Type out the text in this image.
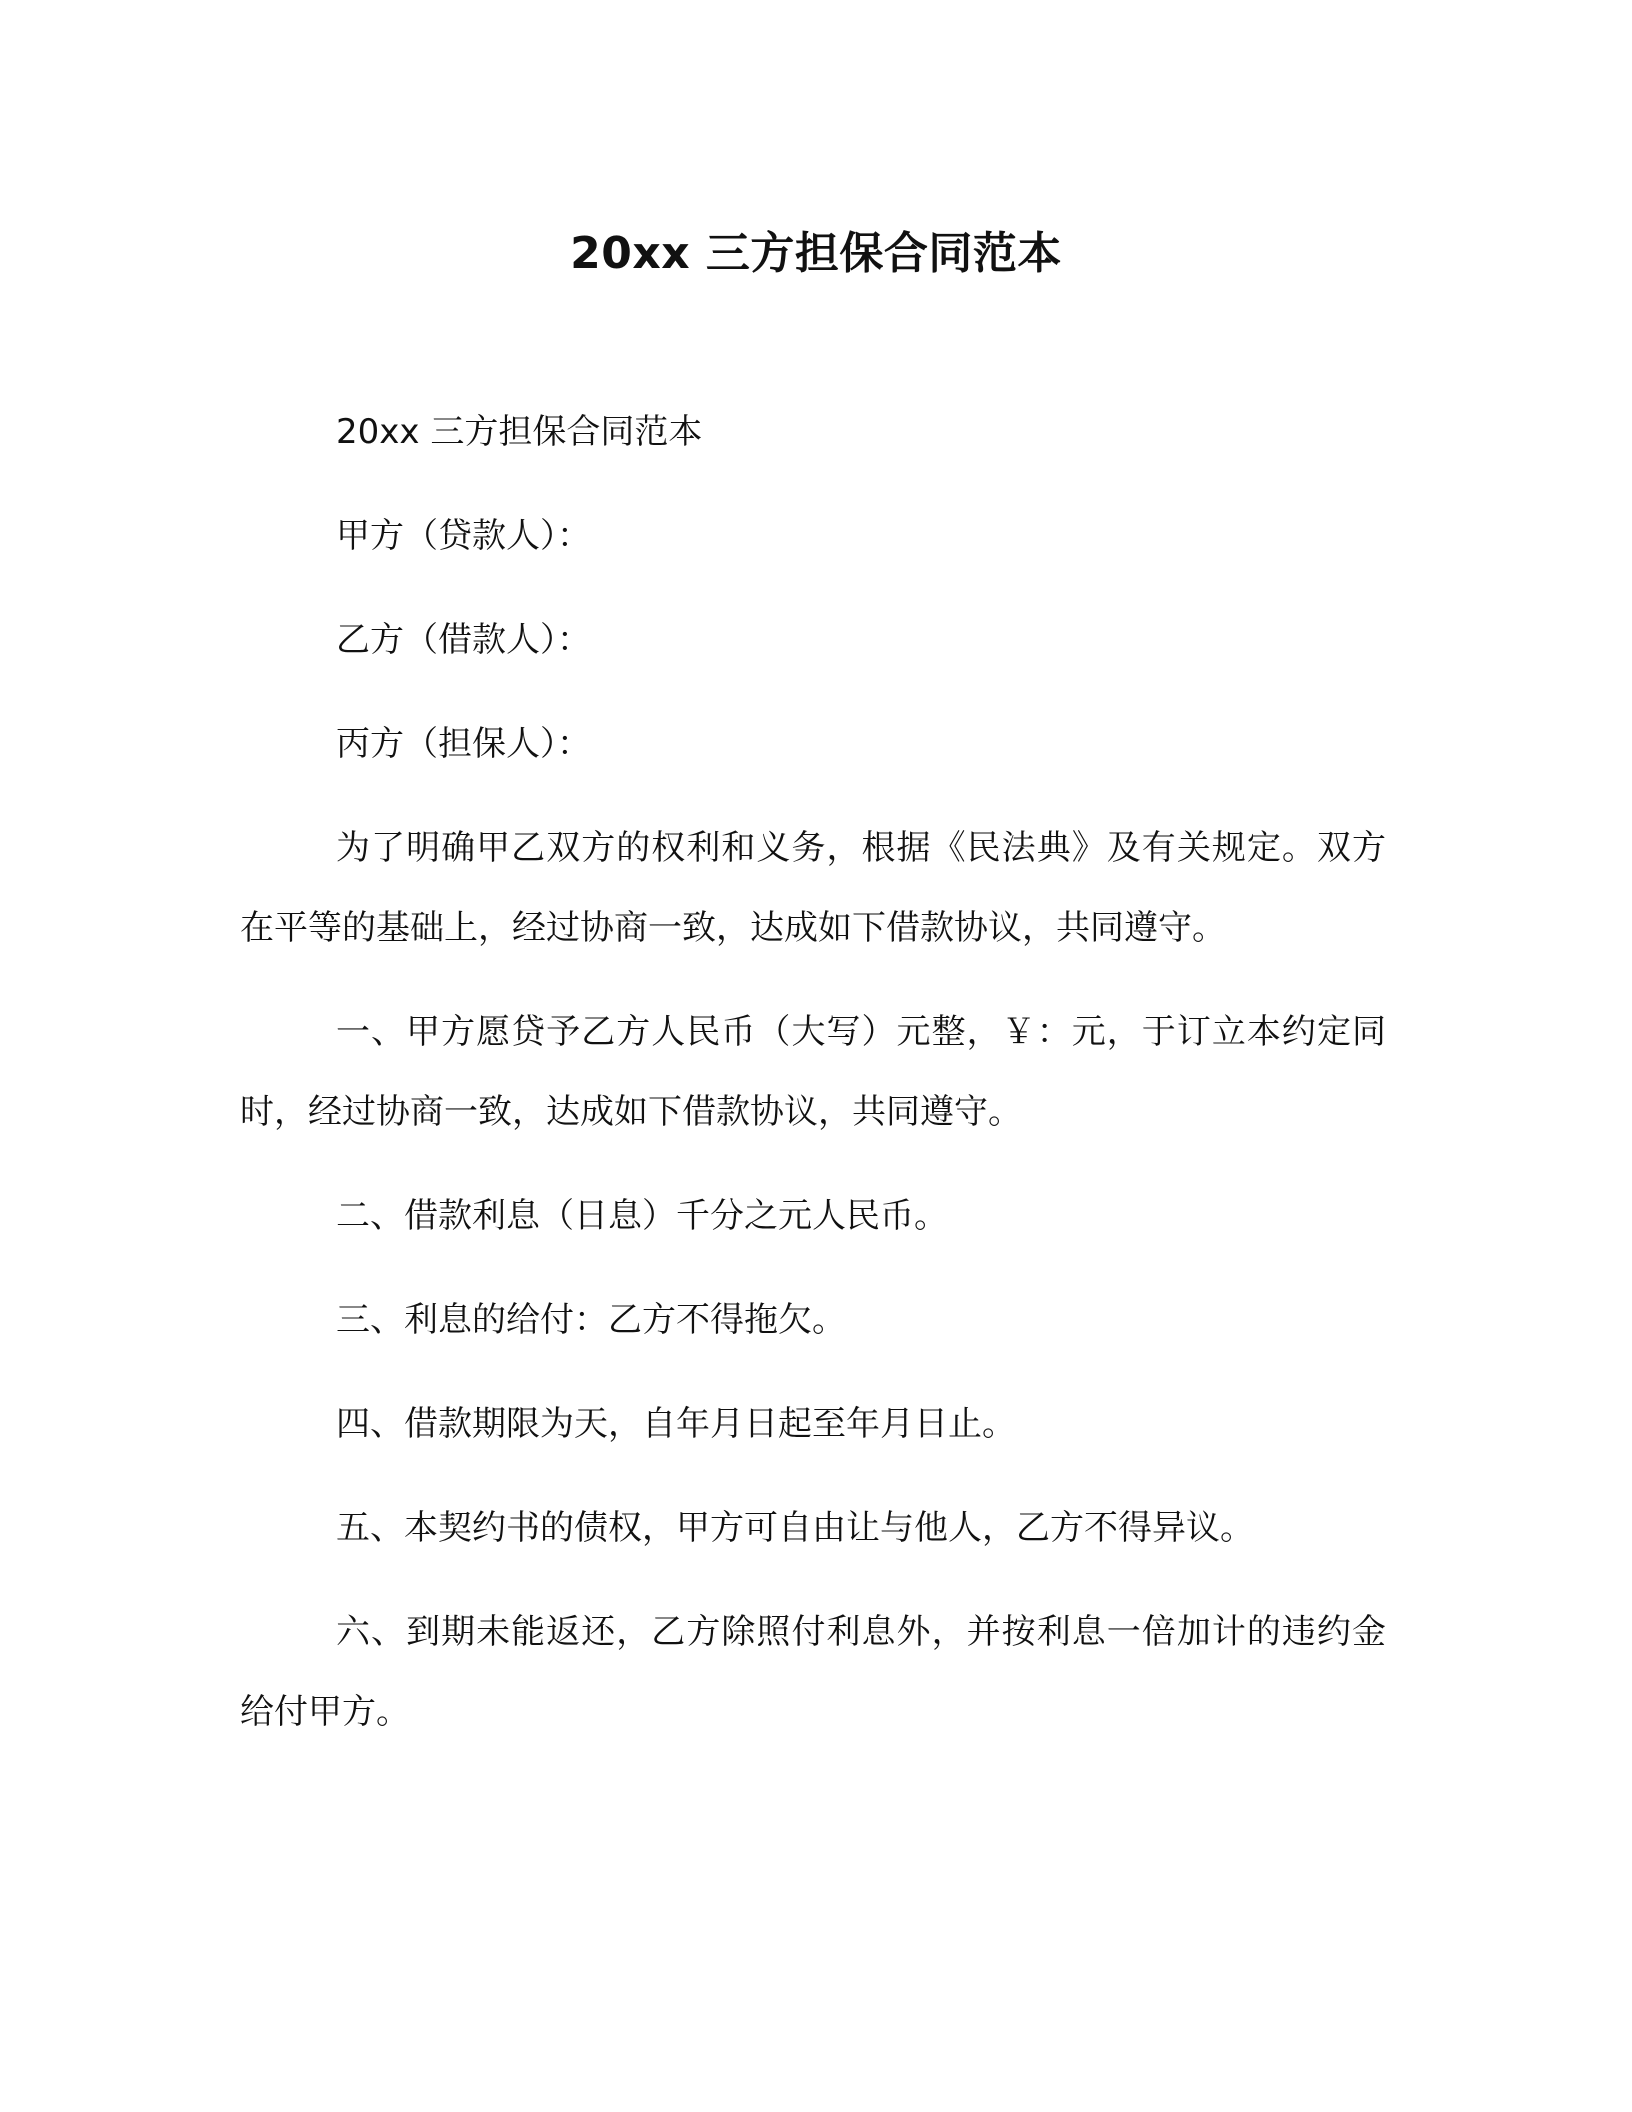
20xx 三方担保合同范本

20xx 三方担保合同范本

甲方（贷款人）：

乙方（借款人）：

丙方（担保人）：

为了明确甲乙双方的权利和义务，根据《民法典》及有关规定。双方在平等的基础上，经过协商一致，达成如下借款协议，共同遵守。

一、甲方愿贷予乙方人民币（大写）元整，￥：元，于订立本约定同时，经过协商一致，达成如下借款协议，共同遵守。

二、借款利息（日息）千分之元人民币。

三、利息的给付：乙方不得拖欠。

四、借款期限为天，自年月日起至年月日止。

五、本契约书的债权，甲方可自由让与他人，乙方不得异议。

六、到期未能返还，乙方除照付利息外，并按利息一倍加计的违约金给付甲方。
